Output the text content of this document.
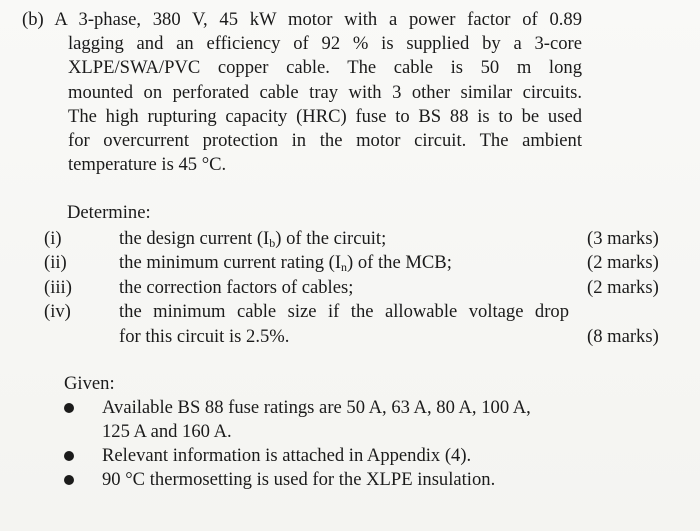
(b) A 3-phase, 380 V, 45 kW motor with a power factor of 0.89
lagging and an efficiency of 92 % is supplied by a 3-core
XLPE/SWA/PVC copper cable. The cable is 50 m long
mounted on perforated cable tray with 3 other similar circuits.
The high rupturing capacity (HRC) fuse to BS 88 is to be used
for overcurrent protection in the motor circuit. The ambient
temperature is 45 °C.
Determine:
(i)	the design current $(I_b)$ of the circuit;	(3 marks)
(ii)	the minimum current rating $(I_n)$ of the MCB;	(2 marks)
(iii)	the correction factors of cables;	(2 marks)
(iv)	the minimum cable size if the allowable voltage drop
for this circuit is 2.5%.	(8 marks)
Given:
Available BS 88 fuse ratings are 50 A, 63 A, 80 A, 100 A,
125 A and 160 A.
Relevant information is attached in Appendix (4).
90 °C thermosetting is used for the XLPE insulation.
